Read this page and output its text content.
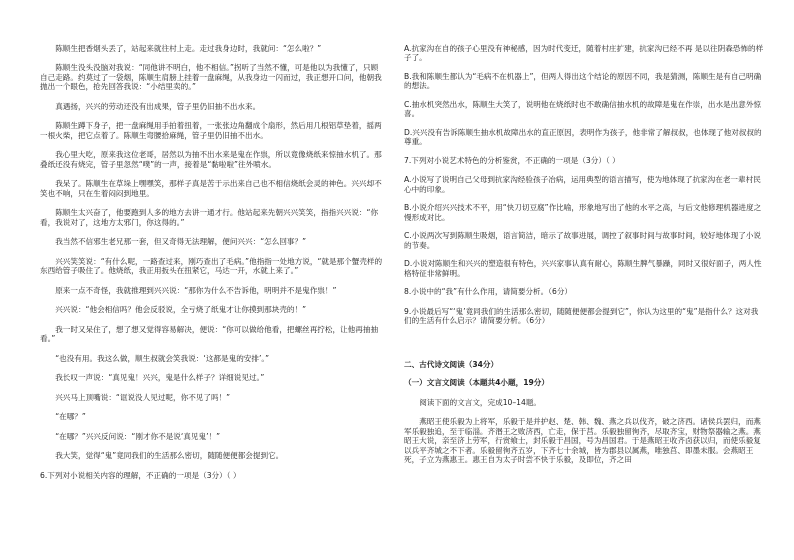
陈顺生把香烟头丢了，站起来就往村上走。走过我身边时，我就问：“怎么啦？”

陈顺生没头没脑对我说：“同他讲不明白，他不相信。”拐听了当然不懂，可是他以为我懂了，只顾自己走路。约莫过了一袋烟，陈顺生肩膀上挂着一盘麻绳，从我身边一闪而过，我正想开口问，他朝我抛出一个眼色，抢先回答我说：“小结里卖的。”

真遇扬，兴兴的劳动还没有出成果，管子里仍旧抽不出水来。

陈顺生蹲下身子，把一盘麻绳用手拍着扭着，一张张边角翻成个扇形，然后用几根铝草垫着，摇两一根火柴，把它点着了。陈顺生弯腰拾麻绳，管子里仍旧抽不出水。

我心里大吃，原来我这位老哥，居然以为抽不出水来是鬼在作祟，所以竟像烧纸来惊抽水机了。那叠纸还没有烧完，管子里忽然“噗”的一声，接着是“黏啦啦”往外喷水。

我呆了。陈顺生在草垛上嘿嘿笑，那样子真是苦于示出来自己也不相信烧纸会灵的神色。兴兴却不笑也不响，只在生着闷闷到地里。

陈顺生太兴奋了，他要跑到人多的地方去讲一通才行。他站起来先朝兴兴笑笑，指指兴兴说：“你看，我说对了，这地方太邪门，你这得的。”

我当然不信邪生老兄那一套，但又奇得无法理解，便问兴兴：“怎么回事？”

兴兴笑笑说：“有什么呢，一路查过来，刚巧查出了毛病。”他指指一处地方说，“就是那个蟹壳样的东西给管子吸住了。他烧纸，我正用扳头在扭紧它，马达一开，水就上来了。”

原来一点不奇怪，我就推理到兴兴说：“那你为什么不告诉他，明明并不是鬼作祟！”

兴兴说：“他会相信吗？他会反驳说，全亏烧了纸鬼才让你摸到那块壳的！”

我一时又呆住了，想了想又觉得容易解决，便说：“你可以做给他看，把螺丝再拧松，让他再抽抽看。”

“也没有用。我这么做，顺生叔就会笑我说：‘这都是鬼的安排’。”

我长叹一声说：“真见鬼！兴兴，鬼是什么样子？详细说见过。”

兴兴马上顶嘴说：“诓说没人见过呢，你不见了吗！”

“在哪？”

“在哪？”兴兴反问说：“刚才你不是说‘真见鬼’！”

我大笑，觉得“鬼”竟同我们的生活那么密切，随随便便都会提到它。

6.下列对小说相关内容的理解，不正确的一项是（3分）（ ）
A.抗家沟在自的孩子心里没有神秘感，因为时代变迁，随着村庄扩建，抗家沟已经不再 是以往阴森恐怖的样子了。
B.我和陈顺生都认为“毛病不在机器上”，但两人得出这个结论的原因不同，我是猜测，陈顺生是有自己明确的想法。
C.抽水机突然出水，陈顺生大笑了，说明他在烧纸时也不敢确信抽水机的故障是鬼在作崇，出水是出意外惊喜。
D.兴兴没有告诉陈顺生抽水机故障出水的直正原因，表明作为孩子，他非常了解叔叔，也体现了他对叔叔的尊重。
7.下列对小说艺术特色的分析鉴赏，不正确的一项是（3分）（ ）
A.小说写了说明自己父母到抗家沟经验孩子冶病，运用典型的语言描写，使为地体现了抗家沟在老一辈村民心中的印象。
B.小说介绍兴兴技术不平，用“快刀切豆腐”作比喻，形象地写出了他的水平之高，与后文他修理机器进度之慢形成对比。
C.小说两次写到陈顺生吸烟，语言简洁，暗示了故事进展，调控了叙事时间与故事时间，较好地体现了小说的节奏。
D.小说对陈顺生和兴兴的塑造很有特色，兴兴家事认真有耐心，陈顺生脾气暴躁，同时又很好面子，两人性格特征非常鲜明。
8.小说中的“我”有什么作用，请简要分析。（6分）
9.小说最后写“‘鬼’竟同我们的生活那么密切，随随便便都会提到它”，你认为这里的“鬼”是指什么？这对我们的生活有什么启示？请简要分析。（6分）
二、古代诗文阅读（34分）
（一）文言文阅读（本题共4小题，19分）

阅读下面的文言文，完成10–14题。

燕昭王使乐毅为上将军，乐毅于是并护赵、楚、韩、魏、燕之兵以伐齐，破之济西。诸侯兵罢归，而燕军乐毅独追，至于临淄。齐湣王之败济西，亡走，保于莒。乐毅独留徇齐，尽取齐宝，财物祭器输之燕。燕昭王大说，亲至济上劳军，行赏飨士，封乐毅于昌国，号为昌国君。于是燕昭王收齐卤获以归，而使乐毅复以兵平齐城之不下者。乐毅留徇齐五岁，下齐七十余城，皆为郡县以属燕，唯独莒、即墨未服。会燕昭王死，子立为燕惠王。惠王自为太子时尝不快于乐毅，及即位，齐之田
